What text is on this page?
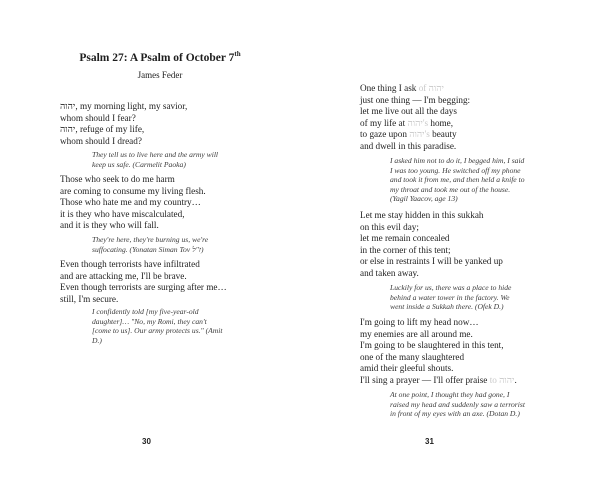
Psalm 27: A Psalm of October 7th
James Feder
יהוה, my morning light, my savior,
whom should I fear?
יהוה, refuge of my life,
whom should I dread?
They tell us to live here and the army will
keep us safe. (Carmelit Paoka)
Those who seek to do me harm
are coming to consume my living flesh.
Those who hate me and my country…
it is they who have miscalculated,
and it is they who will fall.
They're here, they're burning us, we're
suffocating. (Yonatan Siman Tov ז"ל)
Even though terrorists have infiltrated
and are attacking me, I'll be brave.
Even though terrorists are surging after me…
still, I'm secure.
I confidently told [my five-year-old
daughter]… "No, my Romi, they can't
[come to us]. Our army protects us." (Amit
D.)
30
One thing I ask of יהוה
just one thing — I'm begging:
let me live out all the days
of my life at יהוה's home,
to gaze upon יהוה's beauty
and dwell in this paradise.
I asked him not to do it, I begged him, I said
I was too young. He switched off my phone
and took it from me, and then held a knife to
my throat and took me out of the house.
(Yagil Yaacov, age 13)
Let me stay hidden in this sukkah
on this evil day;
let me remain concealed
in the corner of this tent;
or else in restraints I will be yanked up
and taken away.
Luckily for us, there was a place to hide
behind a water tower in the factory. We
went inside a Sukkah there. (Ofek D.)
I'm going to lift my head now…
my enemies are all around me.
I'm going to be slaughtered in this tent,
one of the many slaughtered
amid their gleeful shouts.
I'll sing a prayer — I'll offer praise to יהוה.
At one point, I thought they had gone, I
raised my head and suddenly saw a terrorist
in front of my eyes with an axe. (Dotan D.)
31
